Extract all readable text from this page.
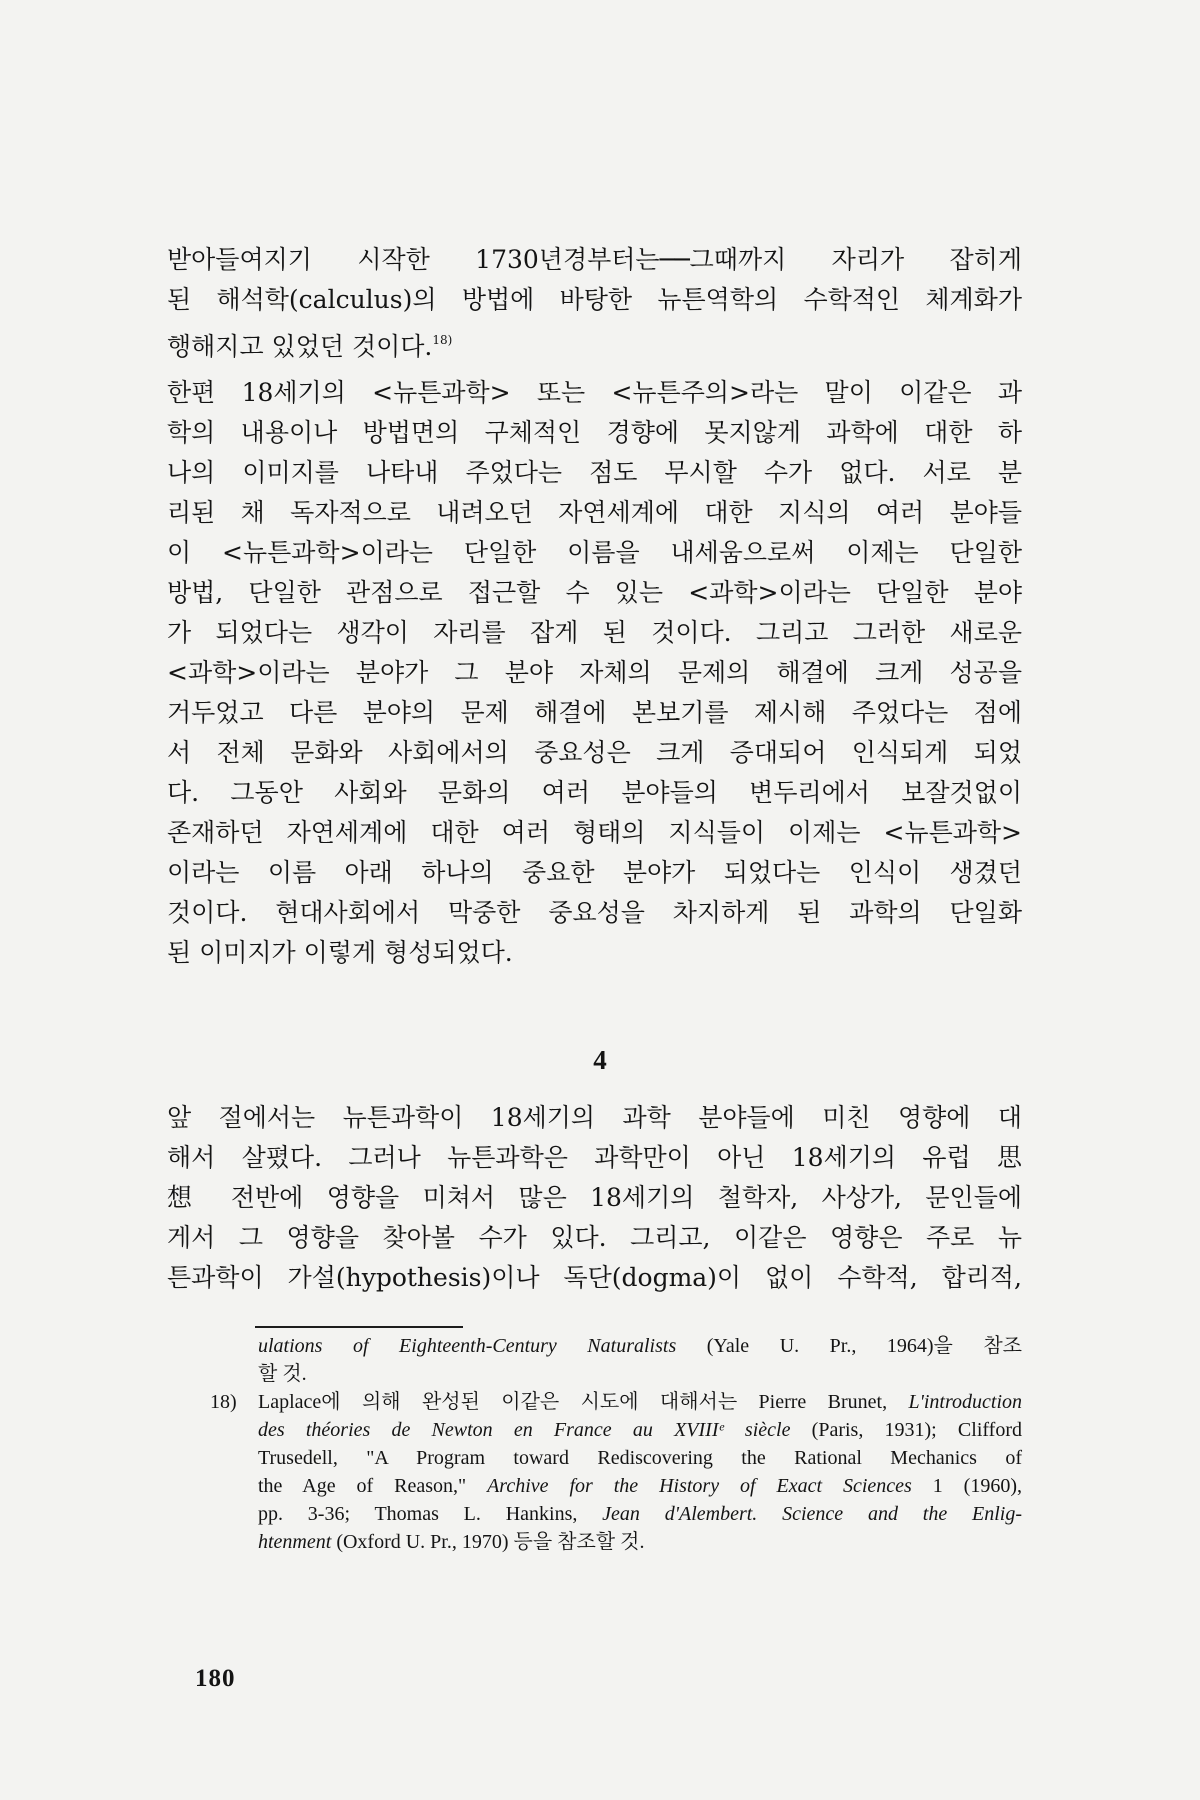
받아들여지기 시작한 1730년경부터는──그때까지 자리가 잡히게
된 해석학(calculus)의 방법에 바탕한 뉴튼역학의 수학적인 체계화가
행해지고 있었던 것이다.$^{18)}$
한편 18세기의 <뉴튼과학> 또는 <뉴튼주의>라는 말이 이같은 과
학의 내용이나 방법면의 구체적인 경향에 못지않게 과학에 대한 하
나의 이미지를 나타내 주었다는 점도 무시할 수가 없다. 서로 분
리된 채 독자적으로 내려오던 자연세계에 대한 지식의 여러 분야들
이 <뉴튼과학>이라는 단일한 이름을 내세움으로써 이제는 단일한
방법, 단일한 관점으로 접근할 수 있는 <과학>이라는 단일한 분야
가 되었다는 생각이 자리를 잡게 된 것이다. 그리고 그러한 새로운
<과학>이라는 분야가 그 분야 자체의 문제의 해결에 크게 성공을
거두었고 다른 분야의 문제 해결에 본보기를 제시해 주었다는 점에
서 전체 문화와 사회에서의 중요성은 크게 증대되어 인식되게 되었
다. 그동안 사회와 문화의 여러 분야들의 변두리에서 보잘것없이
존재하던 자연세계에 대한 여러 형태의 지식들이 이제는 <뉴튼과학>
이라는 이름 아래 하나의 중요한 분야가 되었다는 인식이 생겼던
것이다. 현대사회에서 막중한 중요성을 차지하게 된 과학의 단일화
된 이미지가 이렇게 형성되었다.
4
앞 절에서는 뉴튼과학이 18세기의 과학 분야들에 미친 영향에 대
해서 살폈다. 그러나 뉴튼과학은 과학만이 아닌 18세기의 유럽 思
想 전반에 영향을 미쳐서 많은 18세기의 철학자, 사상가, 문인들에
게서 그 영향을 찾아볼 수가 있다. 그리고, 이같은 영향은 주로 뉴
튼과학이 가설(hypothesis)이나 독단(dogma)이 없이 수학적, 합리적,
ulations of Eighteenth-Century Naturalists (Yale U. Pr., 1964)을 참조
할 것.
18)	Laplace에 의해 완성된 이같은 시도에 대해서는 Pierre Brunet, L'introduction
des théories de Newton en France au XVIIIᵉ siècle (Paris, 1931); Clifford
Trusedell, "A Program toward Rediscovering the Rational Mechanics of
the Age of Reason," Archive for the History of Exact Sciences 1 (1960),
pp. 3-36; Thomas L. Hankins, Jean d'Alembert. Science and the Enlig-
htenment (Oxford U. Pr., 1970) 등을 참조할 것.
180
